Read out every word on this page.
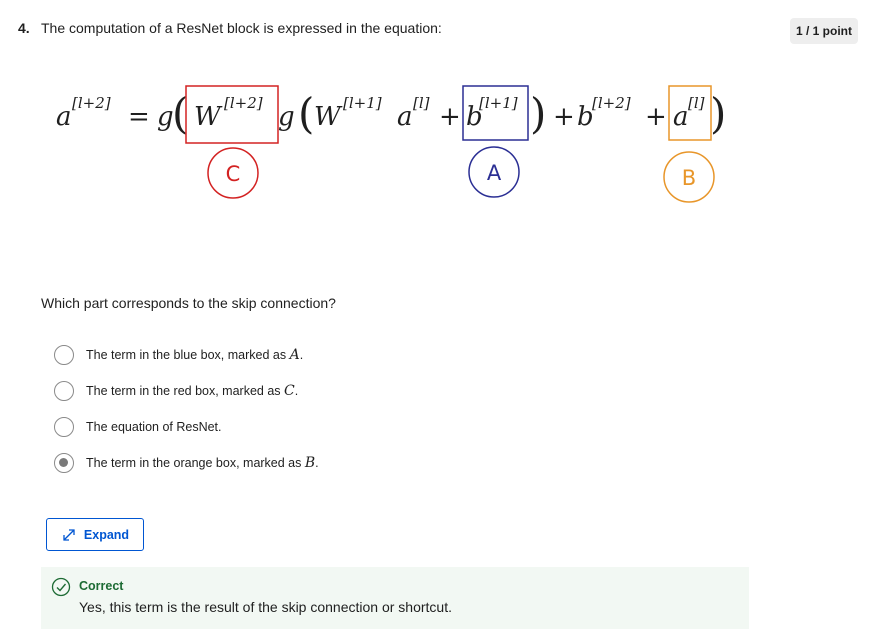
4. The computation of a ResNet block is expressed in the equation:	1 / 1 point
a [l+2] = g
( W [l+2] g ( W [l+1] a [l] + b
[l+1] ) + b
[l+2] + a [l] )
C	A	B
Which part corresponds to the skip connection?
The term in the blue box, marked as A.
The term in the red box, marked as C.
The equation of ResNet.
The term in the orange box, marked as B.
Expand
Correct
Yes, this term is the result of the skip connection or shortcut.
